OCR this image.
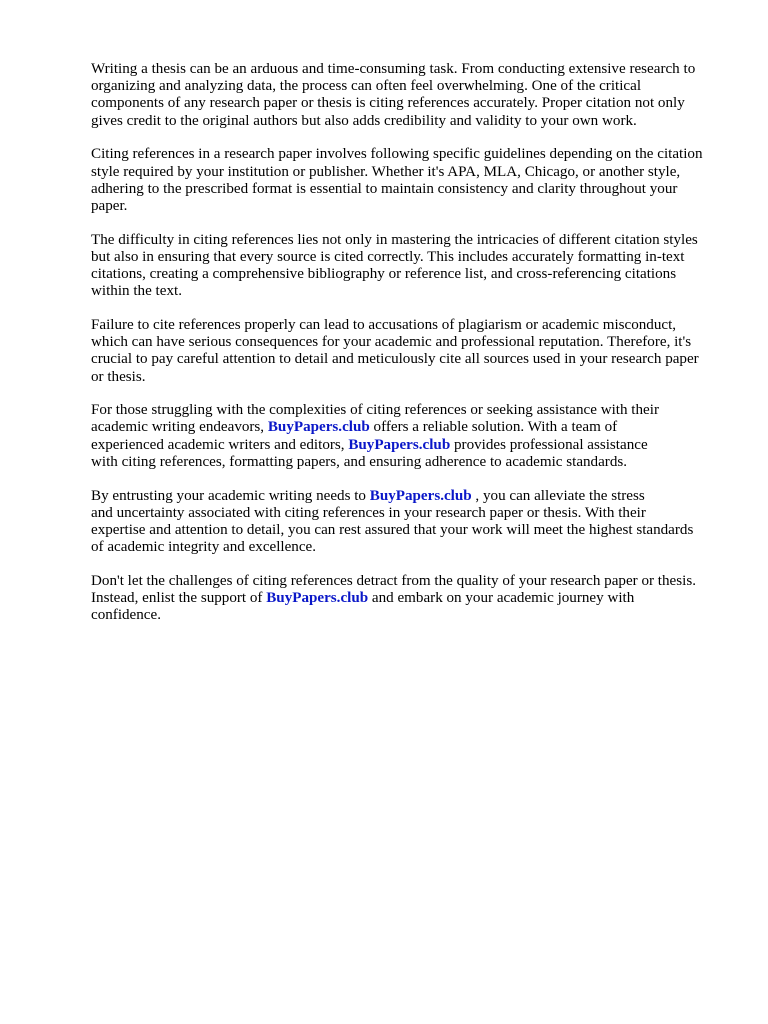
Writing a thesis can be an arduous and time-consuming task. From conducting extensive research to
organizing and analyzing data, the process can often feel overwhelming. One of the critical
components of any research paper or thesis is citing references accurately. Proper citation not only
gives credit to the original authors but also adds credibility and validity to your own work.

Citing references in a research paper involves following specific guidelines depending on the citation
style required by your institution or publisher. Whether it's APA, MLA, Chicago, or another style,
adhering to the prescribed format is essential to maintain consistency and clarity throughout your
paper.

The difficulty in citing references lies not only in mastering the intricacies of different citation styles
but also in ensuring that every source is cited correctly. This includes accurately formatting in-text
citations, creating a comprehensive bibliography or reference list, and cross-referencing citations
within the text.

Failure to cite references properly can lead to accusations of plagiarism or academic misconduct,
which can have serious consequences for your academic and professional reputation. Therefore, it's
crucial to pay careful attention to detail and meticulously cite all sources used in your research paper
or thesis.

For those struggling with the complexities of citing references or seeking assistance with their
academic writing endeavors, BuyPapers.club offers a reliable solution. With a team of
experienced academic writers and editors, BuyPapers.club provides professional assistance
with citing references, formatting papers, and ensuring adherence to academic standards.

By entrusting your academic writing needs to BuyPapers.club , you can alleviate the stress
and uncertainty associated with citing references in your research paper or thesis. With their
expertise and attention to detail, you can rest assured that your work will meet the highest standards
of academic integrity and excellence.

Don't let the challenges of citing references detract from the quality of your research paper or thesis.
Instead, enlist the support of BuyPapers.club and embark on your academic journey with
confidence.
